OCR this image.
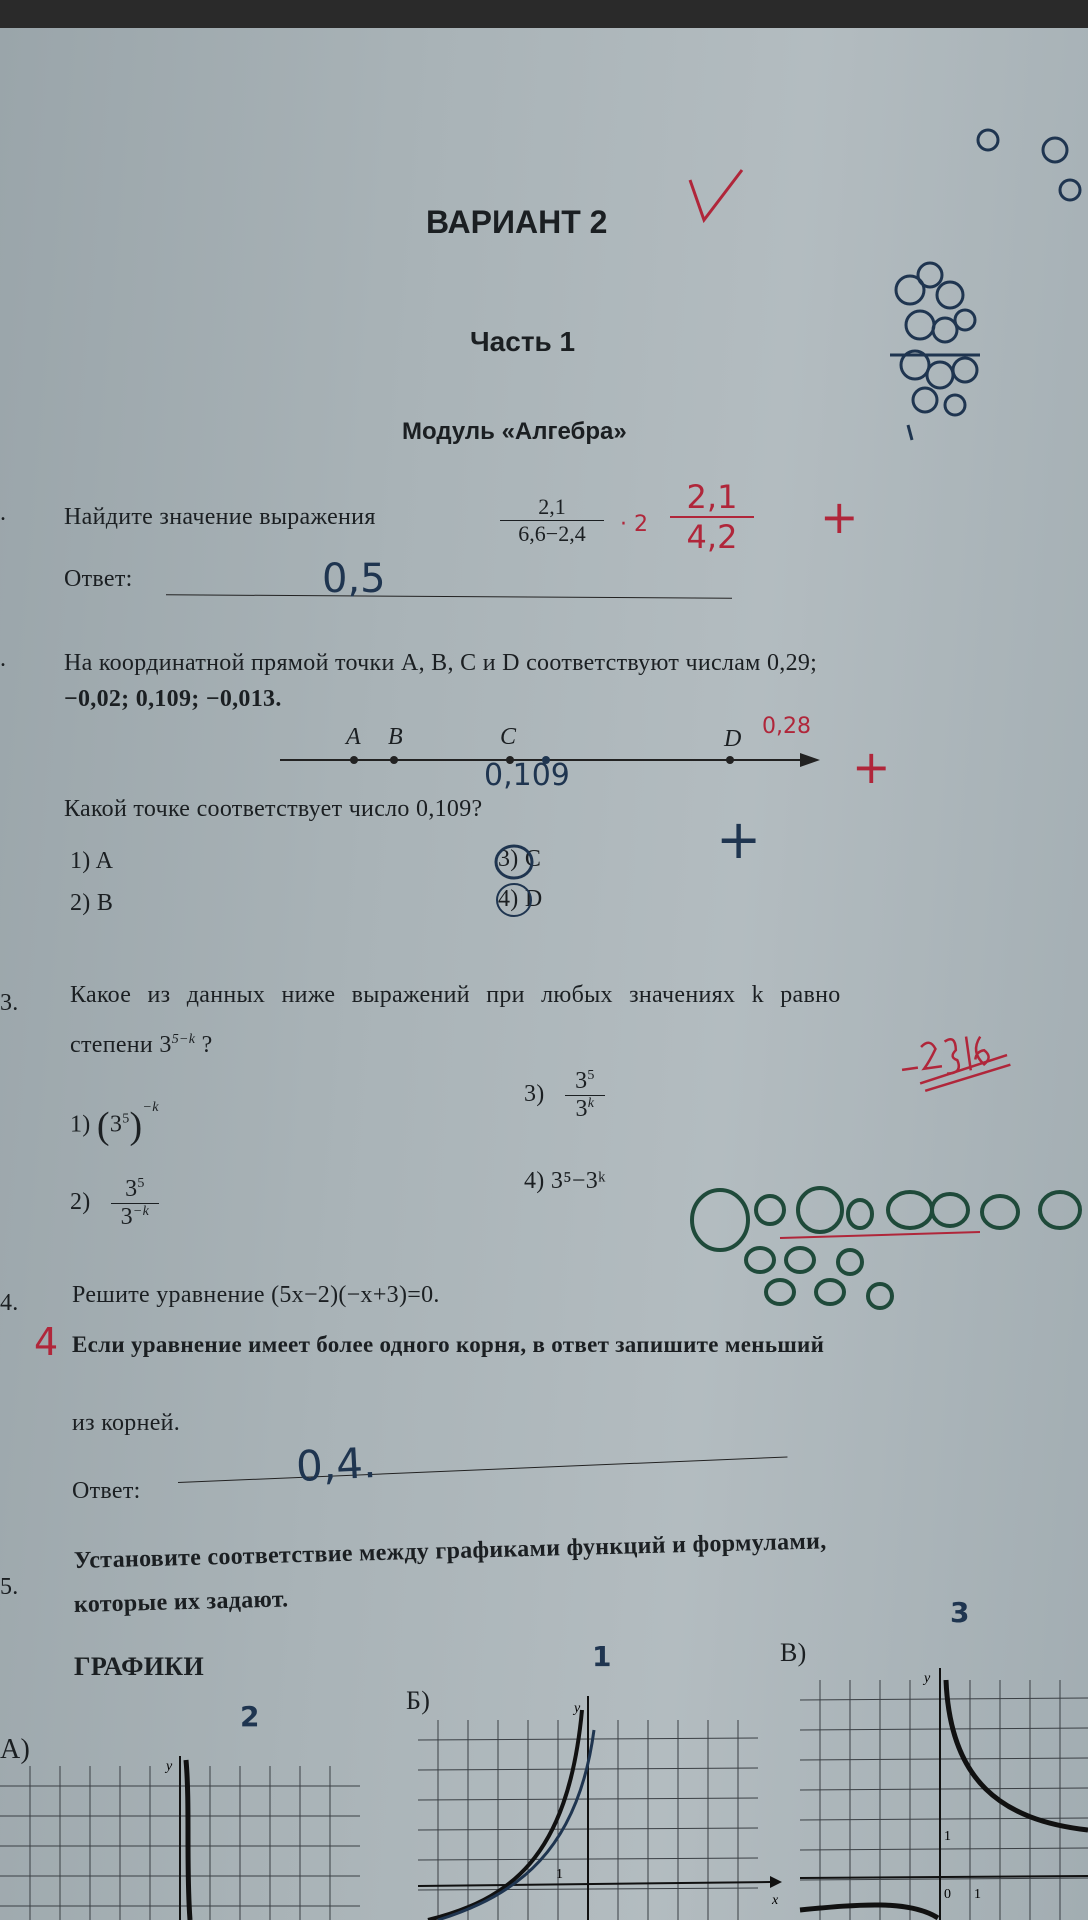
ВАРИАНТ 2
Часть 1
Модуль «Алгебра»
. Найдите значение выражения	$\frac{2,1}{6,6-2,4} \cdot 2 \frac{2,1}{4,2}$ +
Ответ:	0,5
. На координатной прямой точки A, B, C и D соответствуют числам 0,29;
−0,02; 0,109; −0,013.
A B	C	D
0,109
0,28
+
Какой точке соответствует число 0,109?	+
1) A
2) B
3) C
4) D
3. Какое из данных ниже выражений при любых значениях k равно
степени $3^{5-k}$ ?
1) $(3^5)^{-k}$
$2) \frac{3^5}{3^{-k}}$
$3) \frac{3^5}{3^k}$
4) 3⁵−3ᵏ
4. Решите уравнение (5x−2)(−x+3)=0.
4 Если уравнение имеет более одного корня, в ответ запишите меньший
из корней.
Ответ:	0,4.
5.
Установите соответствие между графиками функций и формулами,
которые их задают.
ГРАФИКИ
А)
Б)
В)
2
1
3
y
y
x
1
y
1
0 1
